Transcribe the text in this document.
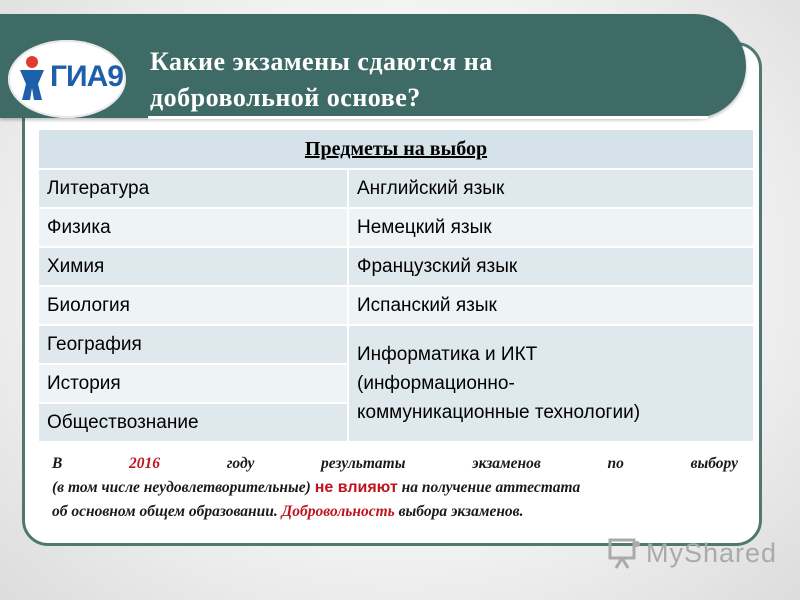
ГИА9 Какие экзамены сдаются на
добровольной основе?
Предметы на выбор	
Литература	Английский язык
Физика	Немецкий язык
Химия	Французский язык
Биология	Испанский язык
География	Информатика и ИКТ
(информационно-
коммуникационные технологии)

История	
Обществознание	
В	2016	году	результаты	экзаменов	по	выбору
(в том числе неудовлетворительные) не влияют на получение аттестата
об основном общем образовании. Добровольность выбора экзаменов.
MyShared
